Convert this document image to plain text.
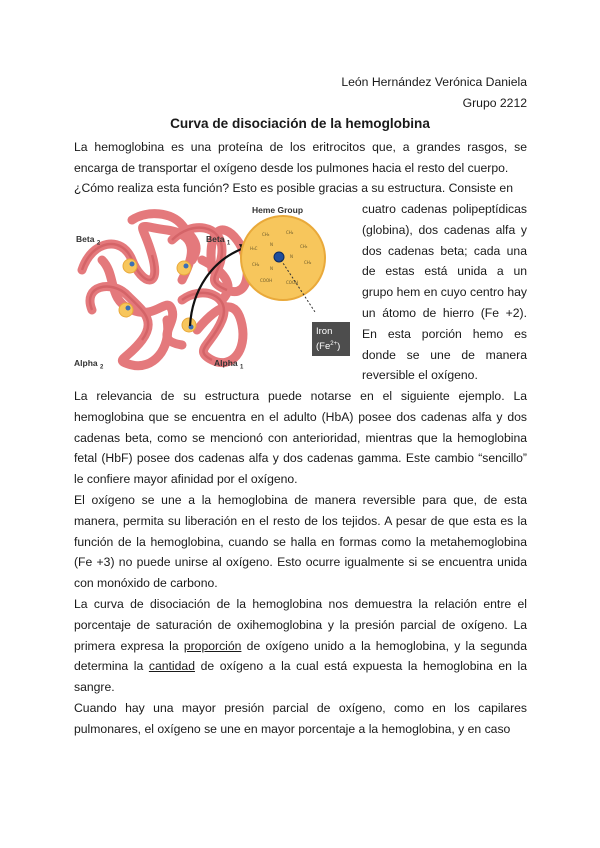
León Hernández Verónica Daniela
Grupo 2212
Curva de disociación de la hemoglobina

La hemoglobina es una proteína de los eritrocitos que, a grandes rasgos, se encarga de transportar el oxígeno desde los pulmones hacia el resto del cuerpo.

¿Cómo realiza esta función? Esto es posible gracias a su estructura. Consiste en

CH₃	CH₂
H₃C	CH₃
CH₂	CH₂
COOH	COOH
N
N
N
Heme Group
Beta $_2$	Beta $_1$
Alpha $_2$	Alpha $_1$
Iron
$(Fe^{2+})$

cuatro cadenas polipeptídicas (globina), dos cadenas alfa y dos cadenas beta; cada una de estas está unida a un grupo hem en cuyo centro hay un átomo de hierro (Fe +2). En esta porción hemo es donde se une de manera reversible el oxígeno.

La relevancia de su estructura puede notarse en el siguiente ejemplo. La hemoglobina que se encuentra en el adulto (HbA) posee dos cadenas alfa y dos cadenas beta, como se mencionó con anterioridad, mientras que la hemoglobina fetal (HbF) posee dos cadenas alfa y dos cadenas gamma. Este cambio “sencillo” le confiere mayor afinidad por el oxígeno.

El oxígeno se une a la hemoglobina de manera reversible para que, de esta manera, permita su liberación en el resto de los tejidos. A pesar de que esta es la función de la hemoglobina, cuando se halla en formas como la metahemoglobina (Fe +3) no puede unirse al oxígeno. Esto ocurre igualmente si se encuentra unida con monóxido de carbono.

La curva de disociación de la hemoglobina nos demuestra la relación entre el porcentaje de saturación de oxihemoglobina y la presión parcial de oxígeno. La primera expresa la proporción de oxígeno unido a la hemoglobina, y la segunda determina la cantidad de oxígeno a la cual está expuesta la hemoglobina en la sangre.

Cuando hay una mayor presión parcial de oxígeno, como en los capilares pulmonares, el oxígeno se une en mayor porcentaje a la hemoglobina, y en caso
